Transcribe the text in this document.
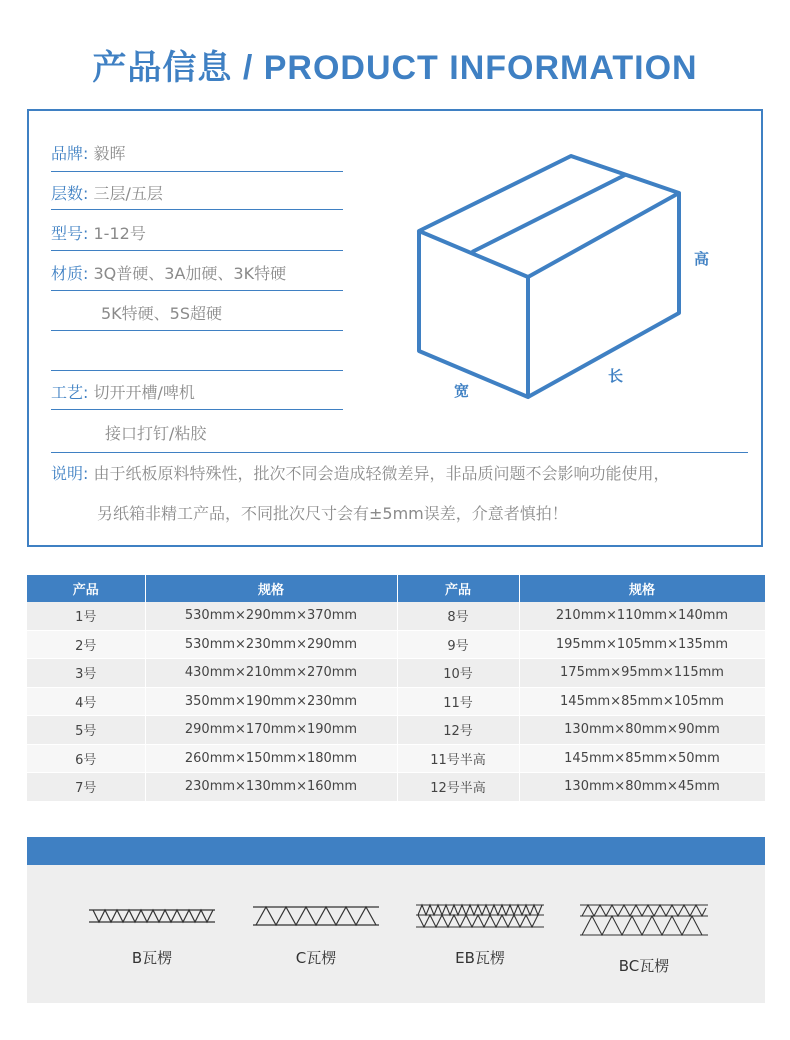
产品信息 / PRODUCT INFORMATION
品牌: 毅晖
层数: 三层/五层
型号: 1-12号
材质: 3Q普硬、3A加硬、3K特硬
5K特硬、5S超硬
工艺: 切开开槽/啤机
接口打钉/粘胶
说明: 由于纸板原料特殊性，批次不同会造成轻微差异，非品质问题不会影响功能使用，
另纸箱非精工产品，不同批次尺寸会有±5mm误差，介意者慎拍！
高
长
宽
产品	规格	产品	规格
1号	530mm×290mm×370mm	8号	210mm×110mm×140mm
2号	530mm×230mm×290mm	9号	195mm×105mm×135mm
3号	430mm×210mm×270mm	10号	175mm×95mm×115mm
4号	350mm×190mm×230mm	11号	145mm×85mm×105mm
5号	290mm×170mm×190mm	12号	130mm×80mm×90mm
6号	260mm×150mm×180mm	11号半高	145mm×85mm×50mm
7号	230mm×130mm×160mm	12号半高	130mm×80mm×45mm
B瓦楞	C瓦楞	EB瓦楞	BC瓦楞
